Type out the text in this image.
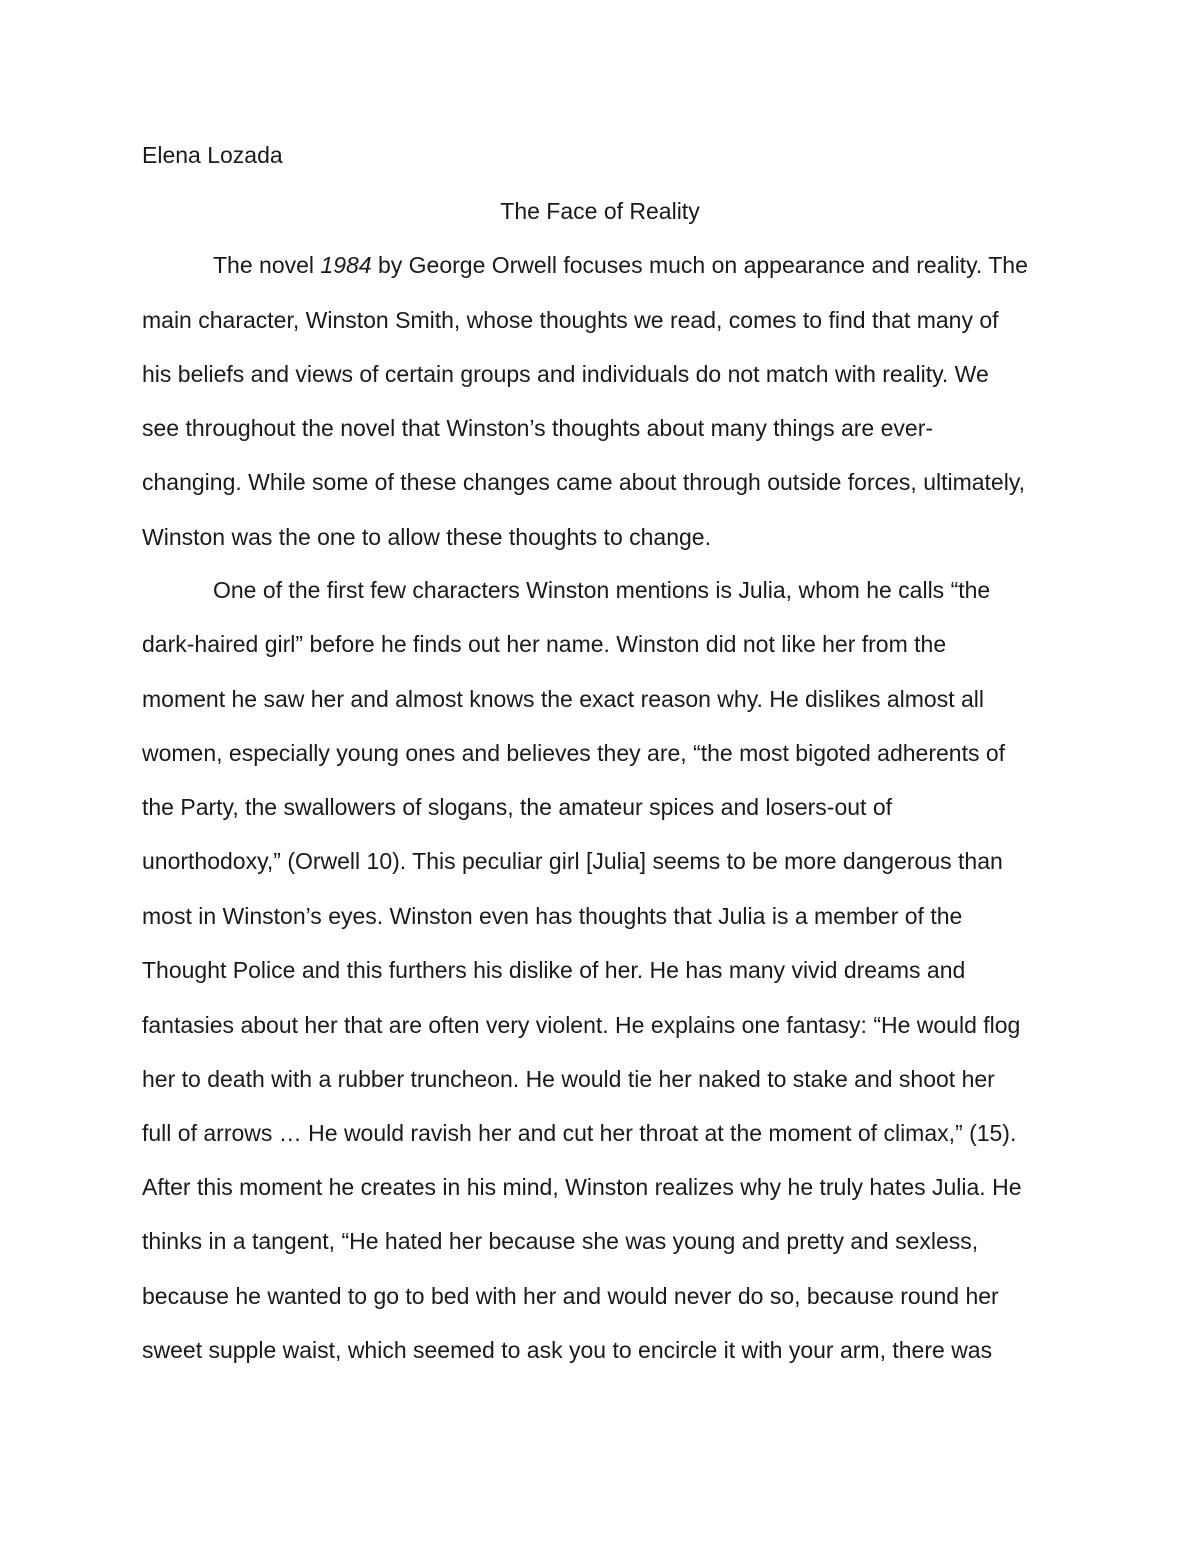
Elena Lozada

The Face of Reality

The novel 1984 by George Orwell focuses much on appearance and reality. The

main character, Winston Smith, whose thoughts we read, comes to find that many of

his beliefs and views of certain groups and individuals do not match with reality. We

see throughout the novel that Winston’s thoughts about many things are ever-

changing. While some of these changes came about through outside forces, ultimately,

Winston was the one to allow these thoughts to change.

One of the first few characters Winston mentions is Julia, whom he calls “the

dark-haired girl” before he finds out her name. Winston did not like her from the

moment he saw her and almost knows the exact reason why. He dislikes almost all

women, especially young ones and believes they are, “the most bigoted adherents of

the Party, the swallowers of slogans, the amateur spices and losers-out of

unorthodoxy,” (Orwell 10). This peculiar girl [Julia] seems to be more dangerous than

most in Winston’s eyes. Winston even has thoughts that Julia is a member of the

Thought Police and this furthers his dislike of her. He has many vivid dreams and

fantasies about her that are often very violent. He explains one fantasy: “He would flog

her to death with a rubber truncheon. He would tie her naked to stake and shoot her

full of arrows … He would ravish her and cut her throat at the moment of climax,” (15).

After this moment he creates in his mind, Winston realizes why he truly hates Julia. He

thinks in a tangent, “He hated her because she was young and pretty and sexless,

because he wanted to go to bed with her and would never do so, because round her

sweet supple waist, which seemed to ask you to encircle it with your arm, there was
